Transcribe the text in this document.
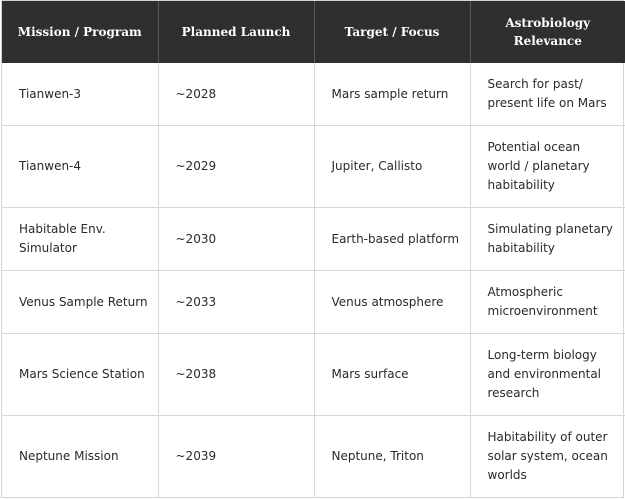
Mission / Program	Planned Launch	Target / Focus	Astrobiology Relevance
Tianwen-3	~2028	Mars sample return	Search for past/ present life on Mars
Tianwen-4	~2029	Jupiter, Callisto	Potential ocean world / planetary habitability
Habitable Env. Simulator	~2030	Earth-based platform	Simulating planetary habitability
Venus Sample Return	~2033	Venus atmosphere	Atmospheric microenvironment
Mars Science Station	~2038	Mars surface	Long-term biology and environmental research
Neptune Mission	~2039	Neptune, Triton	Habitability of outer solar system, ocean worlds
